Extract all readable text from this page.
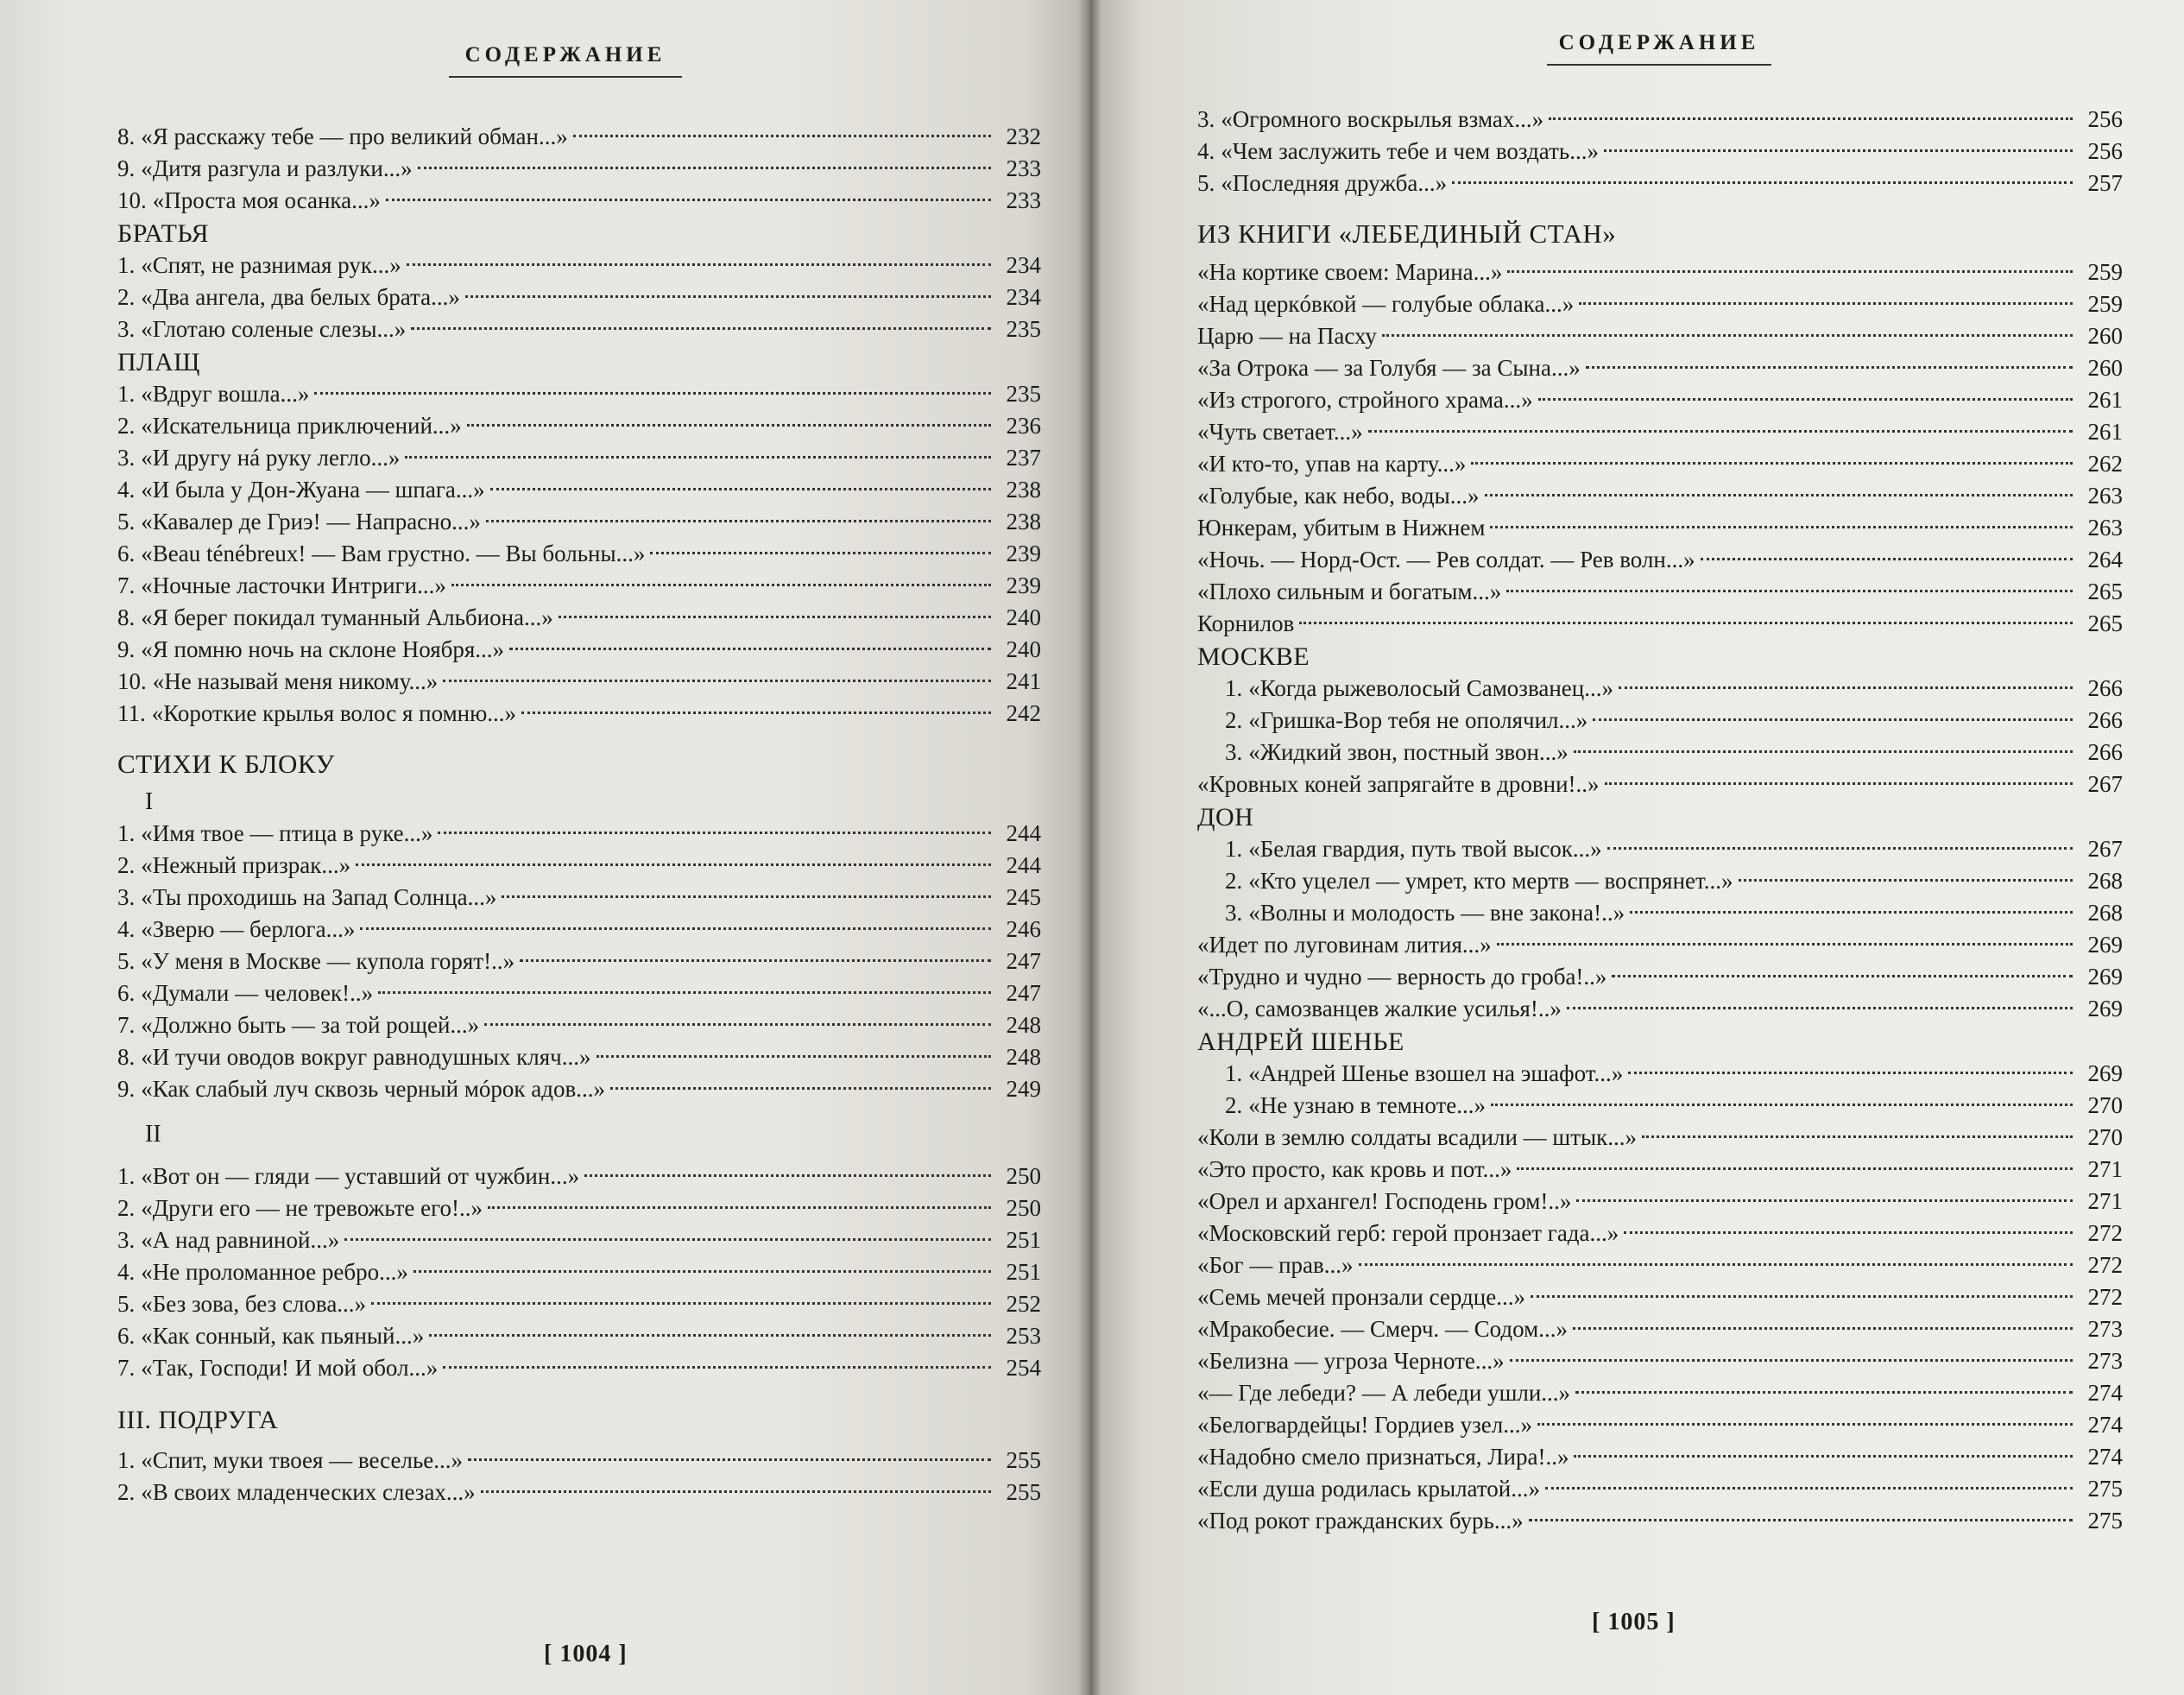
СОДЕРЖАНИЕ
8. «Я расскажу тебе — про великий обман...»	232
9. «Дитя разгула и разлуки...»	233
10. «Проста моя осанка...»	233
БРАТЬЯ
1. «Спят, не разнимая рук...»	234
2. «Два ангела, два белых брата...»	234
3. «Глотаю соленые слезы...»	235
ПЛАЩ
1. «Вдруг вошла...»	235
2. «Искательница приключений...»	236
3. «И другу нá руку легло...»	237
4. «И была у Дон-Жуана — шпага...»	238
5. «Кавалер де Гриэ! — Напрасно...»	238
6. «Beau ténébreux! — Вам грустно. — Вы больны...»	239
7. «Ночные ласточки Интриги...»	239
8. «Я берег покидал туманный Альбиона...»	240
9. «Я помню ночь на склоне Ноября...»	240
10. «Не называй меня никому...»	241
11. «Короткие крылья волос я помню...»	242
СТИХИ К БЛОКУ
I
1. «Имя твое — птица в руке...»	244
2. «Нежный призрак...»	244
3. «Ты проходишь на Запад Солнца...»	245
4. «Зверю — берлога...»	246
5. «У меня в Москве — купола горят!..»	247
6. «Думали — человек!..»	247
7. «Должно быть — за той рощей...»	248
8. «И тучи оводов вокруг равнодушных кляч...»	248
9. «Как слабый луч сквозь черный мóрок адов...»	249
II
1. «Вот он — гляди — уставший от чужбин...»	250
2. «Други его — не тревожьте его!..»	250
3. «А над равниной...»	251
4. «Не проломанное ребро...»	251
5. «Без зова, без слова...»	252
6. «Как сонный, как пьяный...»	253
7. «Так, Господи! И мой обол...»	254
III. ПОДРУГА
1. «Спит, муки твоея — веселье...»	255
2. «В своих младенческих слезах...»	255
[ 1004 ]
СОДЕРЖАНИЕ
3. «Огромного воскрылья взмах...»	256
4. «Чем заслужить тебе и чем воздать...»	256
5. «Последняя дружба...»	257
ИЗ КНИГИ «ЛЕБЕДИНЫЙ СТАН»
«На кортике своем: Марина...»	259
«Над церкóвкой — голубые облака...»	259
Царю — на Пасху	260
«За Отрока — за Голубя — за Сына...»	260
«Из строгого, стройного храма...»	261
«Чуть светает...»	261
«И кто-то, упав на карту...»	262
«Голубые, как небо, воды...»	263
Юнкерам, убитым в Нижнем	263
«Ночь. — Норд-Ост. — Рев солдат. — Рев волн...»	264
«Плохо сильным и богатым...»	265
Корнилов	265
МОСКВЕ
1. «Когда рыжеволосый Самозванец...»	266
2. «Гришка-Вор тебя не ополячил...»	266
3. «Жидкий звон, постный звон...»	266
«Кровных коней запрягайте в дровни!..»	267
ДОН
1. «Белая гвардия, путь твой высок...»	267
2. «Кто уцелел — умрет, кто мертв — воспрянет...»	268
3. «Волны и молодость — вне закона!..»	268
«Идет по луговинам лития...»	269
«Трудно и чудно — верность до гроба!..»	269
«...О, самозванцев жалкие усилья!..»	269
АНДРЕЙ ШЕНЬЕ
1. «Андрей Шенье взошел на эшафот...»	269
2. «Не узнаю в темноте...»	270
«Коли в землю солдаты всадили — штык...»	270
«Это просто, как кровь и пот...»	271
«Орел и архангел! Господень гром!..»	271
«Московский герб: герой пронзает гада...»	272
«Бог — прав...»	272
«Семь мечей пронзали сердце...»	272
«Мракобесие. — Смерч. — Содом...»	273
«Белизна — угроза Черноте...»	273
«— Где лебеди? — А лебеди ушли...»	274
«Белогвардейцы! Гордиев узел...»	274
«Надобно смело признаться, Лира!..»	274
«Если душа родилась крылатой...»	275
«Под рокот гражданских бурь...»	275
[ 1005 ]
